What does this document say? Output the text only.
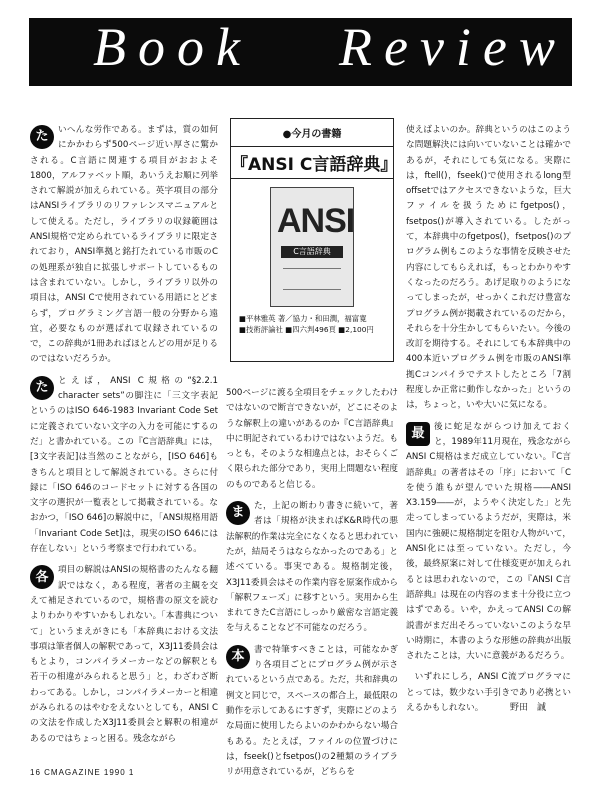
Book Review

た	いへんな労作である。まずは，質の如何にかかわらず500ページ近い厚さに驚かされる。C言語に関連する項目がおおよそ1800，アルファベット順，あいうえお順に列挙されて解説が加えられている。英字項目の部分はANSIライブラリのリファレンスマニュアルとして使える。ただし，ライブラリの収録範囲はANSI規格で定められているライブラリに限定されており，ANSI準拠と銘打たれている市販のCの処理系が独自に拡張しサポートしているものは含まれていない。しかし，ライブラリ以外の項目は，ANSI Cで使用されている用語にとどまらず，プログラミング言語一般の分野から遠宜，必要なものが選ばれて収録されているので，この辞典が1冊あればほとんどの用が足りるのではないだろうか。

た	とえば，ANSI C規格の“§2.2.1 character sets”の脚注に「三文字表記というのはISO 646-1983 Invariant Code Setに定義されていない文字の入力を可能にするのだ」と書かれている。この『C言語辞典』には，[3文字表記]は当然のことながら，[ISO 646]もきちんと項目として解説されている。さらに付録に「ISO 646のコードセットに対する各国の文字の選択が一覧表として掲載されている。なおかつ，「ISO 646]の解説中に，「ANSI規格用語「Invariant Code Set]は，現実のISO 646には存在しない」という考察まで行われている。

各	項目の解説はANSIの規格書のたんなる翻訳ではなく，ある程度，著者の主観を交えて補足されているので，規格書の原文を読むよりわかりやすいかもしれない。「本書典について」というまえがきにも「本辞典における文法事項は筆者個人の解釈であって，X3J11委員会はもとより，コンパイラメーカーなどの解釈とも若干の相違がみられると思う」と，わざわざ断わってある。しかし，コンパイラメーカーと相違がみられるのはやむをえないとしても，ANSI Cの文法を作成したX3J11委員会と解釈の相違があるのではちょっと困る。残念ながら

●今月の書籍
『ANSI C言語辞典』
ANSI
C言語辞典
■平林雅英 著／協力・和田潤，福富寛
■技術評論社 ■四六判496頁 ■2,100円

500ページに渡る全項目をチェックしたわけではないので断言できないが，どこにそのような解釈上の違いがあるのか『C言語辞典』中に明記されているわけではないようだ。もっとも，そのような相違点とは，おそらくごく限られた部分であり，実用上問題ない程度のものであると信じる。

ま	た，上記の断わり書きに続いて，著者は「規格が決まればK&R時代の悪法解釈的作業は完全になくなると思われていたが，結局そうはならなかったのである」と述べている。事実である。規格制定後，X3J11委員会はその作業内容を原案作成から「解釈フェーズ」に移すという。実用から生まれてきたC言語にしっかり厳密な言語定義を与えることなど不可能なのだろう。

本	書で特筆すべきことは，可能なかぎり各項目ごとにプログラム例が示されているという点である。ただ，共和辞典の例文と同じで，スペースの都合上，最低限の動作を示してあるにすぎず，実際にどのような局面に使用したらよいのかわからない場合もある。たとえば，ファイルの位置づけには，fseek()とfsetpos()の2種類のライブラリが用意されているが，どちらを

使えばよいのか。辞典というのはこのような問題解決には向いていないことは確かであるが，それにしても気になる。実際には，ftell()，fseek()で使用されるlong型offsetではアクセスできないような，巨大ファイルを扱うためにfgetpos()，fsetpos()が導入されている。したがって，本辞典中のfgetpos()，fsetpos()のプログラム例もこのような事情を反映させた内容にしてもらえれば，もっとわかりやすくなったのだろう。あげ足取りのようになってしまったが，せっかくこれだけ豊富なプログラム例が掲載されているのだから，それらを十分生かしてもらいたい。今後の改訂を期待する。それにしても本辞典中の400本近いプログラム例を市販のANSI準拠Cコンパイラでテストしたところ「7割程度しか正常に動作しなかった」というのは，ちょっと，いや大いに気になる。

最	後に蛇足ながらつけ加えておくと，1989年11月現在，残念ながらANSI C規格はまだ成立していない。『C言語辞典』の著者はその「序」において「Cを使う誰もが望んでいた規格――ANSI X3.159――が，ようやく決定した」と先走ってしまっているようだが，実際は，米国内に強硬に規格制定を阻む人物がいて，ANSI化には至っていない。ただし，今後，最終原案に対して仕様変更が加えられるとは思われないので，この『ANSI C言語辞典』は現在の内容のまま十分役に立つはずである。いや，かえってANSI Cの解説書がまだ出そろっていないこのような早い時期に，本書のような形態の辞典が出版されたことは，大いに意義があるだろう。

いずれにしろ，ANSI C流プログラマにとっては，数少ない手引きであり必携といえるかもしれない。	野田　誠
16 CMAGAZINE 1990 1
